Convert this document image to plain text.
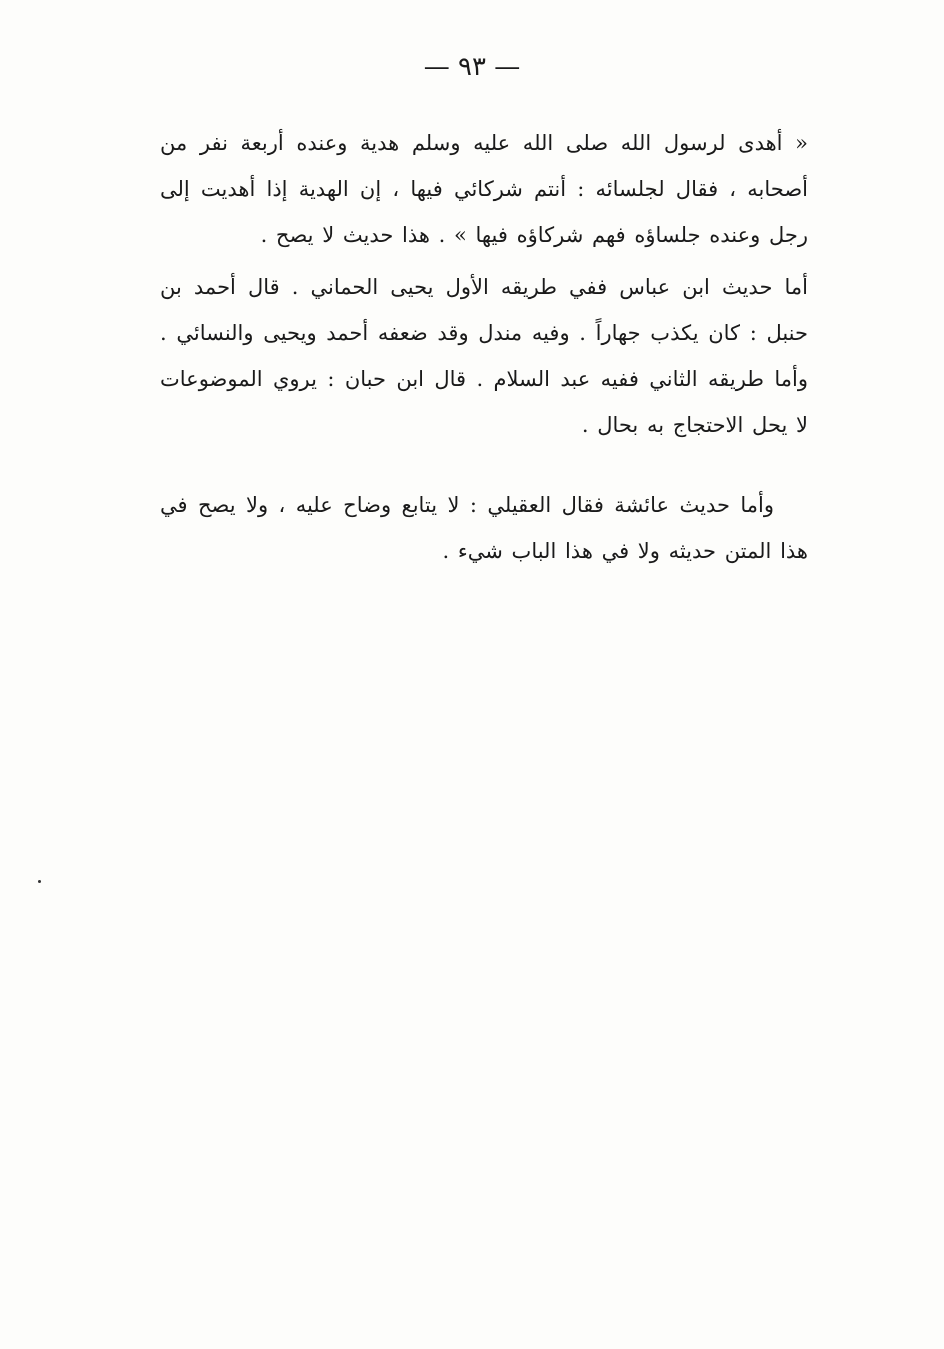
— ٩٣ —

« أهدى لرسول الله صلى الله عليه وسلم هدية وعنده أربعة نفر من أصحابه ، فقال لجلسائه : أنتم شركائي فيها ، إن الهدية إذا أهديت إلى رجل وعنده جلساؤه فهم شركاؤه فيها » . هذا حديث لا يصح .

أما حديث ابن عباس ففي طريقه الأول يحيى الحماني . قال أحمد بن حنبل : كان يكذب جهاراً . وفيه مندل وقد ضعفه أحمد ويحيى والنسائي . وأما طريقه الثاني ففيه عبد السلام . قال ابن حبان : يروي الموضوعات لا يحل الاحتجاج به بحال .

وأما حديث عائشة فقال العقيلي : لا يتابع وضاح عليه ، ولا يصح في هذا المتن حديثه ولا في هذا الباب شيء .
